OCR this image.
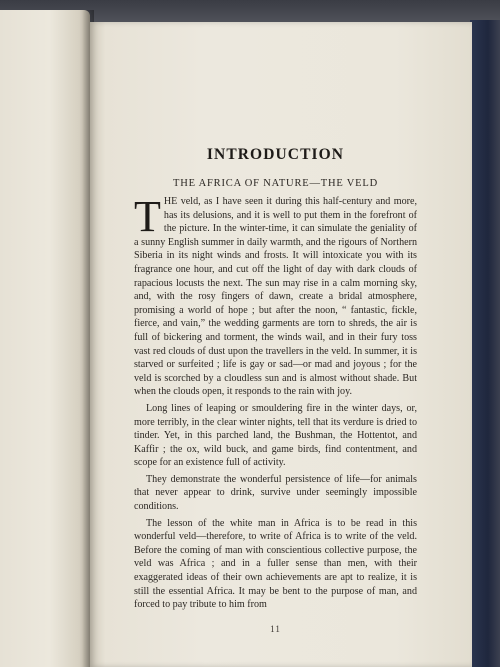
INTRODUCTION
THE AFRICA OF NATURE—THE VELD

THE veld, as I have seen it during this half-century and more, has its delusions, and it is well to put them in the forefront of the picture. In the winter-time, it can simulate the geniality of a sunny English summer in daily warmth, and the rigours of Northern Siberia in its night winds and frosts. It will intoxicate you with its fragrance one hour, and cut off the light of day with dark clouds of rapacious locusts the next. The sun may rise in a calm morning sky, and, with the rosy fingers of dawn, create a bridal atmosphere, promising a world of hope ; but after the noon, “ fantastic, fickle, fierce, and vain,” the wedding garments are torn to shreds, the air is full of bickering and torment, the winds wail, and in their fury toss vast red clouds of dust upon the travellers in the veld. In summer, it is starved or surfeited ; life is gay or sad—or mad and joyous ; for the veld is scorched by a cloudless sun and is almost without shade. But when the clouds open, it responds to the rain with joy.

Long lines of leaping or smouldering fire in the winter days, or, more terribly, in the clear winter nights, tell that its verdure is dried to tinder. Yet, in this parched land, the Bushman, the Hottentot, and Kaffir ; the ox, wild buck, and game birds, find contentment, and scope for an existence full of activity.

They demonstrate the wonderful persistence of life—for animals that never appear to drink, survive under seemingly impossible conditions.

The lesson of the white man in Africa is to be read in this wonderful veld—therefore, to write of Africa is to write of the veld. Before the coming of man with conscientious collective purpose, the veld was Africa ; and in a fuller sense than men, with their exaggerated ideas of their own achievements are apt to realize, it is still the essential Africa. It may be bent to the purpose of man, and forced to pay tribute to him from

11
